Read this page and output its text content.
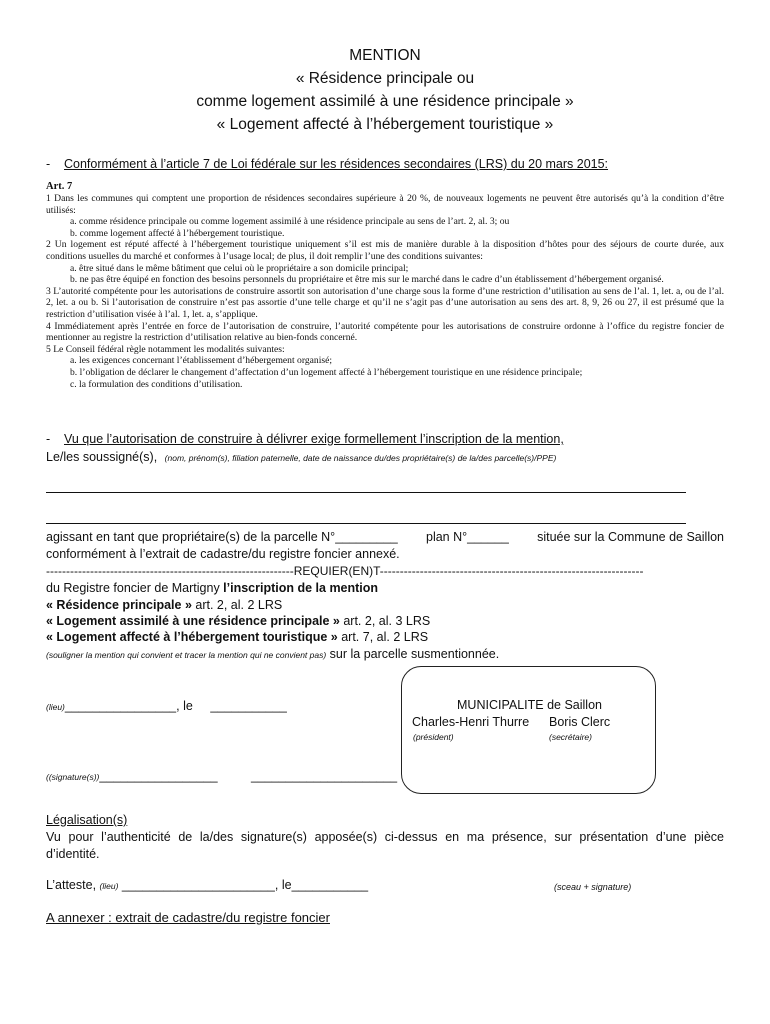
MENTION
« Résidence principale ou
comme logement assimilé à une résidence principale »
« Logement affecté à l’hébergement touristique »
- Conformément à l’article 7 de Loi fédérale sur les résidences secondaires (LRS) du 20 mars 2015:

Art. 7

1 Dans les communes qui comptent une proportion de résidences secondaires supérieure à 20 %, de nouveaux logements ne peuvent être autorisés qu’à la condition d’être utilisés:

a. comme résidence principale ou comme logement assimilé à une résidence principale au sens de l’art. 2, al. 3; ou

b. comme logement affecté à l’hébergement touristique.

2 Un logement est réputé affecté à l’hébergement touristique uniquement s’il est mis de manière durable à la disposition d’hôtes pour des séjours de courte durée, aux conditions usuelles du marché et conformes à l’usage local; de plus, il doit remplir l’une des conditions suivantes:

a. être situé dans le même bâtiment que celui où le propriétaire a son domicile principal;

b. ne pas être équipé en fonction des besoins personnels du propriétaire et être mis sur le marché dans le cadre d’un établissement d’hébergement organisé.

3 L’autorité compétente pour les autorisations de construire assortit son autorisation d’une charge sous la forme d’une restriction d’utilisation au sens de l’al. 1, let. a, ou de l’al. 2, let. a ou b. Si l’autorisation de construire n’est pas assortie d’une telle charge et qu’il ne s’agit pas d’une autorisation au sens des art. 8, 9, 26 ou 27, il est présumé que la restriction d’utilisation visée à l’al. 1, let. a, s’applique.

4 Immédiatement après l’entrée en force de l’autorisation de construire, l’autorité compétente pour les autorisations de construire ordonne à l’office du registre foncier de mentionner au registre la restriction d’utilisation relative au bien-fonds concerné.

5 Le Conseil fédéral règle notamment les modalités suivantes:

a. les exigences concernant l’établissement d’hébergement organisé;

b. l’obligation de déclarer le changement d’affectation d’un logement affecté à l’hébergement touristique en une résidence principale;

c. la formulation des conditions d’utilisation.

- Vu que l’autorisation de construire à délivrer exige formellement l’inscription de la mention,
Le/les soussigné(s), (nom, prénom(s), filiation paternelle, date de naissance du/des propriétaire(s) de la/des parcelle(s)/PPE)
agissant en tant que propriétaire(s) de la parcelle N°_________ plan N°______ située sur la Commune de Saillon
conformément à l’extrait de cadastre/du registre foncier annexé.
--------------------------------------------------------------REQUIER(EN)T------------------------------------------------------------------
du Registre foncier de Martigny l’inscription de la mention
« Résidence principale » art. 2, al. 2 LRS
« Logement assimilé à une résidence principale » art. 2, al. 3 LRS
« Logement affecté à l’hébergement touristique » art. 7, al. 2 LRS
(souligner la mention qui convient et tracer la mention qui ne convient pas) sur la parcelle susmentionnée.
(lieu)________________, le ___________
((signature(s))_________________	_____________________
MUNICIPALITE de Saillon
Charles-Henri Thurre Boris Clerc
(président)	(secrétaire)
Légalisation(s)
Vu pour l’authenticité de la/des signature(s) apposée(s) ci-dessus en ma présence, sur présentation d’une pièce
d’identité.
L’atteste, (lieu) ______________________, le___________	(sceau + signature)
A annexer : extrait de cadastre/du registre foncier
